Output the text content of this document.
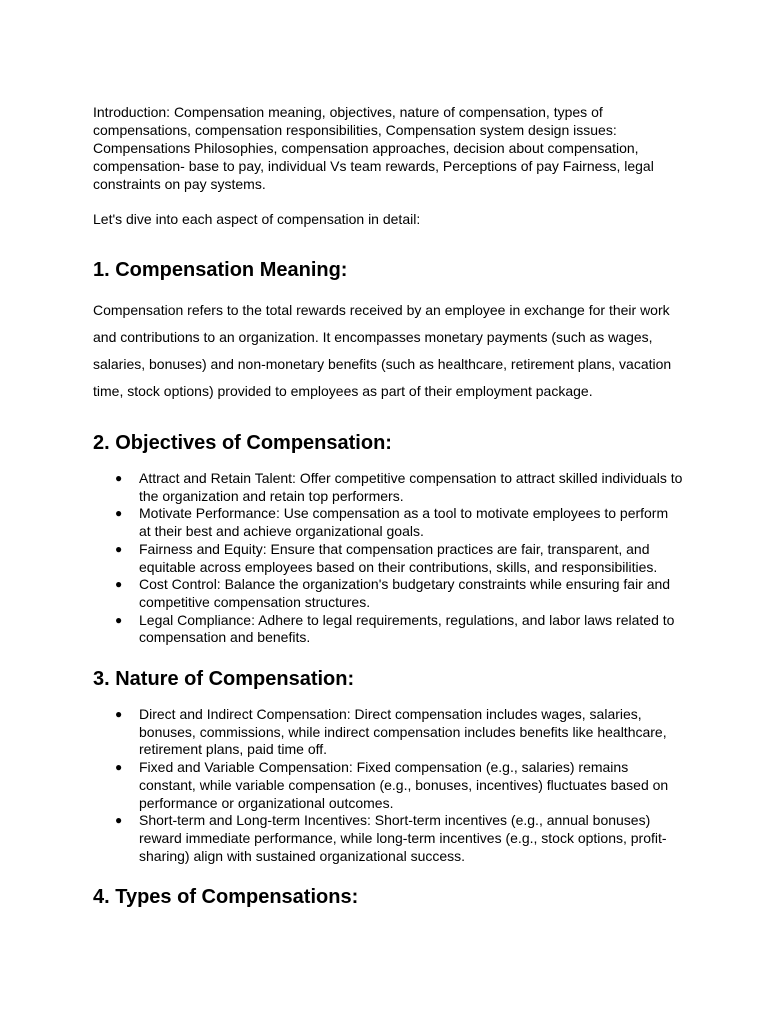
Introduction: Compensation meaning, objectives, nature of compensation, types of compensations, compensation responsibilities, Compensation system design issues: Compensations Philosophies, compensation approaches, decision about compensation, compensation- base to pay, individual Vs team rewards, Perceptions of pay Fairness, legal constraints on pay systems.

Let's dive into each aspect of compensation in detail:

1. Compensation Meaning:

Compensation refers to the total rewards received by an employee in exchange for their work and contributions to an organization. It encompasses monetary payments (such as wages, salaries, bonuses) and non-monetary benefits (such as healthcare, retirement plans, vacation time, stock options) provided to employees as part of their employment package.

2. Objectives of Compensation:
● Attract and Retain Talent: Offer competitive compensation to attract skilled individuals to the organization and retain top performers.
● Motivate Performance: Use compensation as a tool to motivate employees to perform at their best and achieve organizational goals.
● Fairness and Equity: Ensure that compensation practices are fair, transparent, and equitable across employees based on their contributions, skills, and responsibilities.
● Cost Control: Balance the organization's budgetary constraints while ensuring fair and competitive compensation structures.
● Legal Compliance: Adhere to legal requirements, regulations, and labor laws related to compensation and benefits.
3. Nature of Compensation:
● Direct and Indirect Compensation: Direct compensation includes wages, salaries, bonuses, commissions, while indirect compensation includes benefits like healthcare, retirement plans, paid time off.
● Fixed and Variable Compensation: Fixed compensation (e.g., salaries) remains constant, while variable compensation (e.g., bonuses, incentives) fluctuates based on performance or organizational outcomes.
● Short-term and Long-term Incentives: Short-term incentives (e.g., annual bonuses) reward immediate performance, while long-term incentives (e.g., stock options, profit-sharing) align with sustained organizational success.
4. Types of Compensations:
